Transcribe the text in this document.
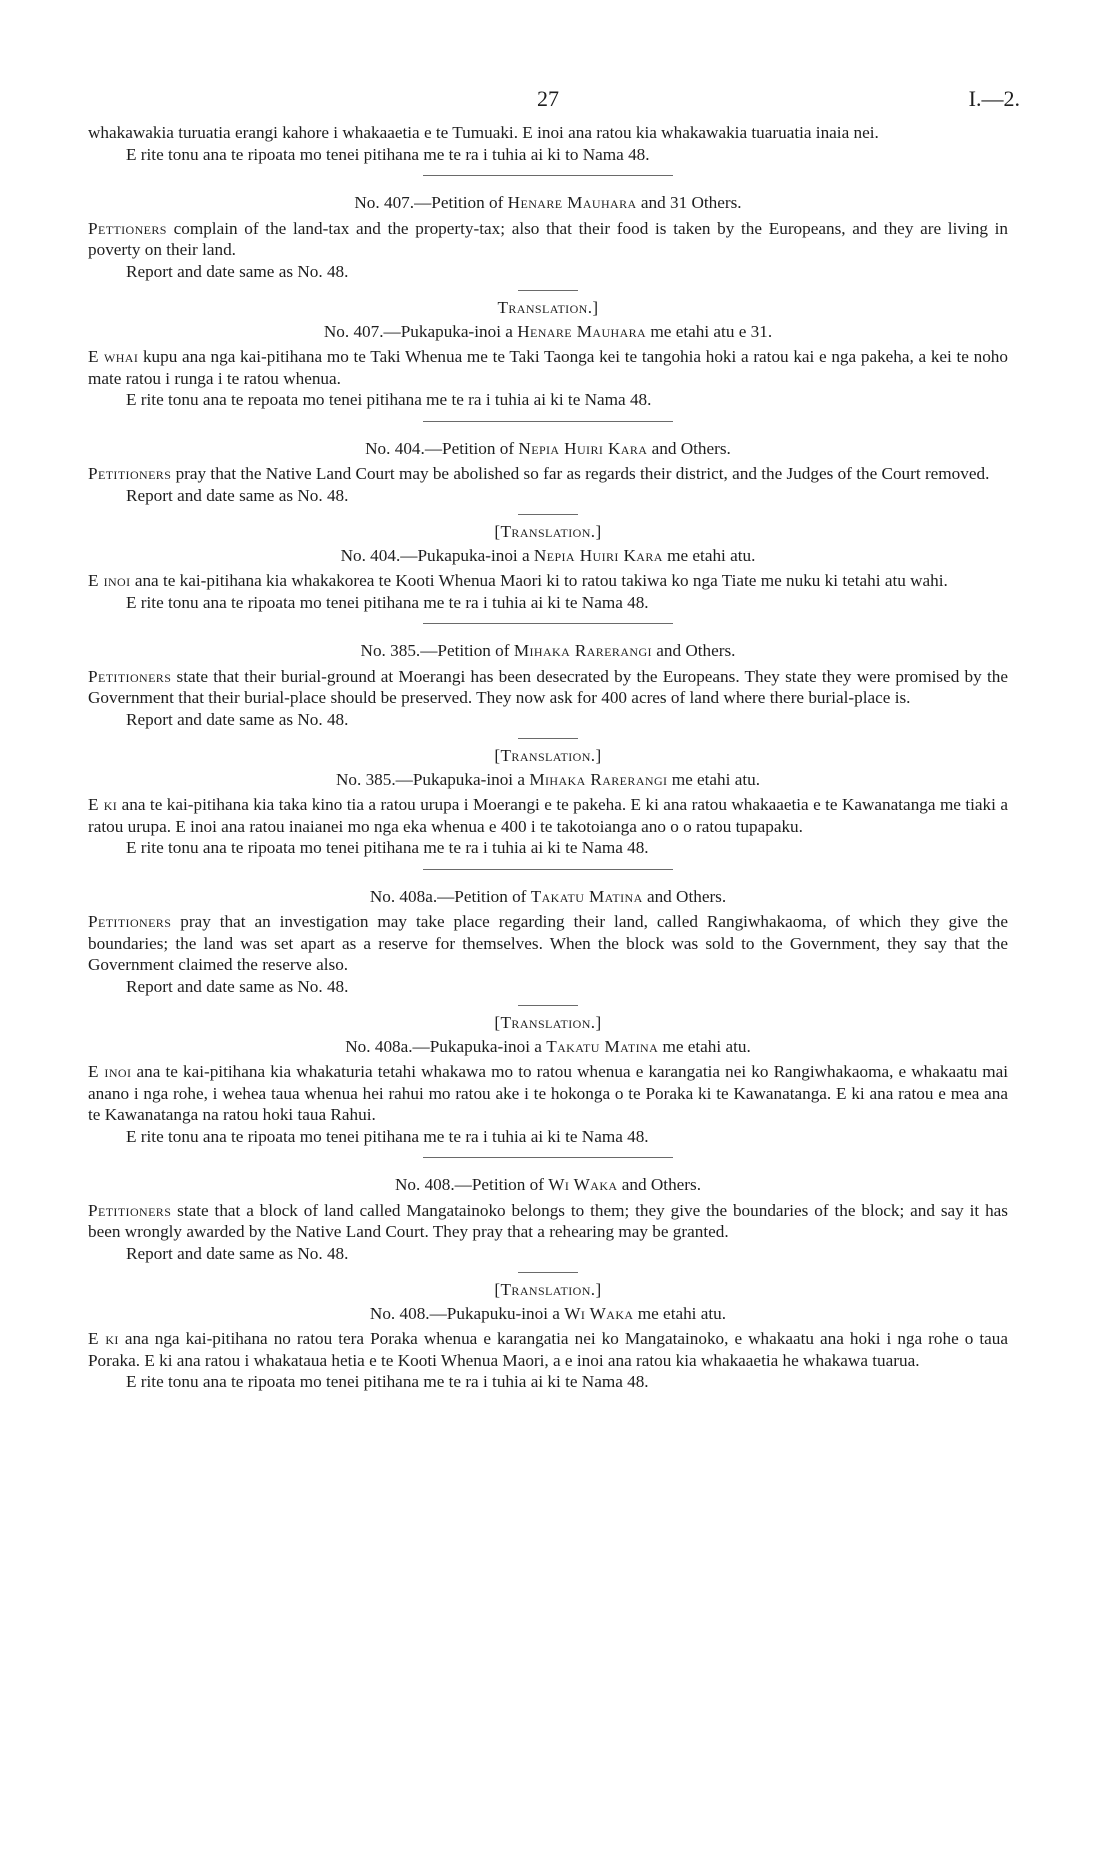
27	I.—2.

whakawakia turuatia erangi kahore i whakaaetia e te Tumuaki. E inoi ana ratou kia whakawakia tuaruatia inaia nei.

E rite tonu ana te ripoata mo tenei pitihana me te ra i tuhia ai ki to Nama 48.

No. 407.—Petition of Henare Mauhara and 31 Others.

Pettioners complain of the land-tax and the property-tax; also that their food is taken by the Europeans, and they are living in poverty on their land.

Report and date same as No. 48.

Translation.]

No. 407.—Pukapuka-inoi a Henare Mauhara me etahi atu e 31.

E whai kupu ana nga kai-pitihana mo te Taki Whenua me te Taki Taonga kei te tangohia hoki a ratou kai e nga pakeha, a kei te noho mate ratou i runga i te ratou whenua.

E rite tonu ana te repoata mo tenei pitihana me te ra i tuhia ai ki te Nama 48.

No. 404.—Petition of Nepia Huiri Kara and Others.

Petitioners pray that the Native Land Court may be abolished so far as regards their district, and the Judges of the Court removed.

Report and date same as No. 48.

[Translation.]

No. 404.—Pukapuka-inoi a Nepia Huiri Kara me etahi atu.

E inoi ana te kai-pitihana kia whakakorea te Kooti Whenua Maori ki to ratou takiwa ko nga Tiate me nuku ki tetahi atu wahi.

E rite tonu ana te ripoata mo tenei pitihana me te ra i tuhia ai ki te Nama 48.

No. 385.—Petition of Mihaka Rarerangi and Others.

Petitioners state that their burial-ground at Moerangi has been desecrated by the Europeans. They state they were promised by the Government that their burial-place should be preserved. They now ask for 400 acres of land where there burial-place is.

Report and date same as No. 48.

[Translation.]

No. 385.—Pukapuka-inoi a Mihaka Rarerangi me etahi atu.

E ki ana te kai-pitihana kia taka kino tia a ratou urupa i Moerangi e te pakeha. E ki ana ratou whakaaetia e te Kawanatanga me tiaki a ratou urupa. E inoi ana ratou inaianei mo nga eka whenua e 400 i te takotoianga ano o o ratou tupapaku.

E rite tonu ana te ripoata mo tenei pitihana me te ra i tuhia ai ki te Nama 48.

No. 408a.—Petition of Takatu Matina and Others.

Petitioners pray that an investigation may take place regarding their land, called Rangiwhakaoma, of which they give the boundaries; the land was set apart as a reserve for themselves. When the block was sold to the Government, they say that the Government claimed the reserve also.

Report and date same as No. 48.

[Translation.]

No. 408a.—Pukapuka-inoi a Takatu Matina me etahi atu.

E inoi ana te kai-pitihana kia whakaturia tetahi whakawa mo to ratou whenua e karangatia nei ko Rangiwhakaoma, e whakaatu mai anano i nga rohe, i wehea taua whenua hei rahui mo ratou ake i te hokonga o te Poraka ki te Kawanatanga. E ki ana ratou e mea ana te Kawanatanga na ratou hoki taua Rahui.

E rite tonu ana te ripoata mo tenei pitihana me te ra i tuhia ai ki te Nama 48.

No. 408.—Petition of Wi Waka and Others.

Petitioners state that a block of land called Mangatainoko belongs to them; they give the boundaries of the block; and say it has been wrongly awarded by the Native Land Court. They pray that a rehearing may be granted.

Report and date same as No. 48.

[Translation.]

No. 408.—Pukapuku-inoi a Wi Waka me etahi atu.

E ki ana nga kai-pitihana no ratou tera Poraka whenua e karangatia nei ko Mangatainoko, e whakaatu ana hoki i nga rohe o taua Poraka. E ki ana ratou i whakataua hetia e te Kooti Whenua Maori, a e inoi ana ratou kia whakaaetia he whakawa tuarua.

E rite tonu ana te ripoata mo tenei pitihana me te ra i tuhia ai ki te Nama 48.
